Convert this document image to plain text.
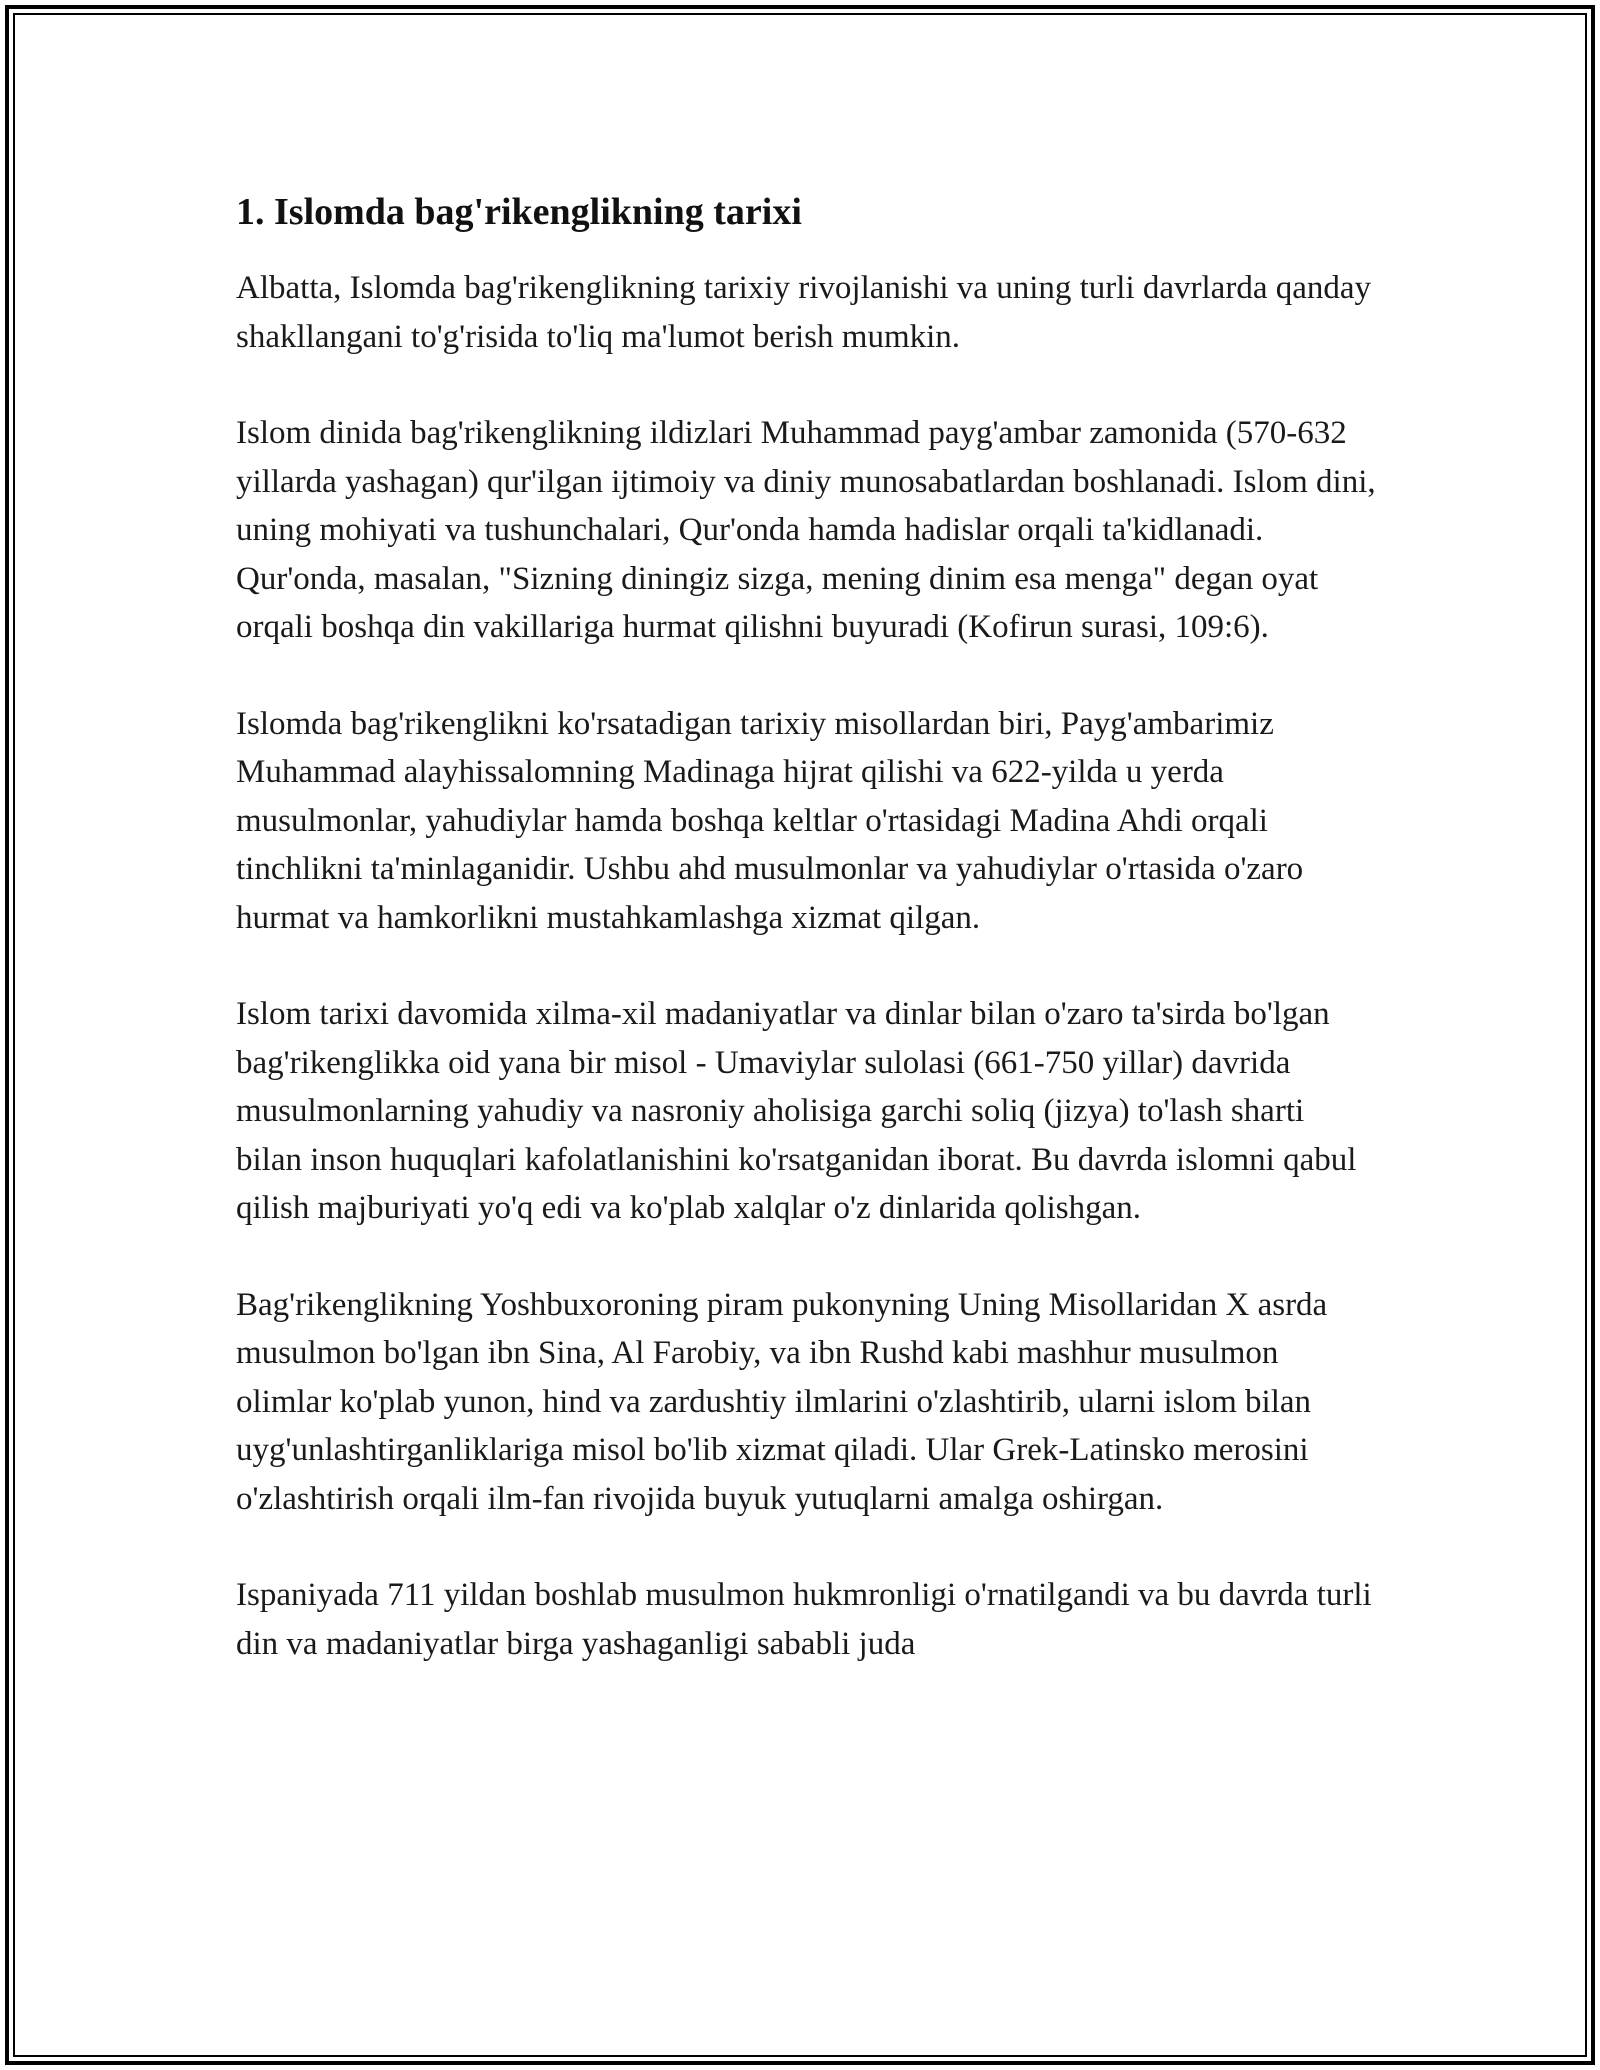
1. Islomda bag'rikenglikning tarixi

Albatta, Islomda bag'rikenglikning tarixiy rivojlanishi va uning turli davrlarda qanday shakllangani to'g'risida to'liq ma'lumot berish mumkin.

Islom dinida bag'rikenglikning ildizlari Muhammad payg'ambar zamonida (570-632 yillarda yashagan) qur'ilgan ijtimoiy va diniy munosabatlardan boshlanadi. Islom dini, uning mohiyati va tushunchalari, Qur'onda hamda hadislar orqali ta'kidlanadi. Qur'onda, masalan, "Sizning diningiz sizga, mening dinim esa menga" degan oyat orqali boshqa din vakillariga hurmat qilishni buyuradi (Kofirun surasi, 109:6).

Islomda bag'rikenglikni ko'rsatadigan tarixiy misollardan biri, Payg'ambarimiz Muhammad alayhissalomning Madinaga hijrat qilishi va 622-yilda u yerda musulmonlar, yahudiylar hamda boshqa keltlar o'rtasidagi Madina Ahdi orqali tinchlikni ta'minlaganidir. Ushbu ahd musulmonlar va yahudiylar o'rtasida o'zaro hurmat va hamkorlikni mustahkamlashga xizmat qilgan.

Islom tarixi davomida xilma-xil madaniyatlar va dinlar bilan o'zaro ta'sirda bo'lgan bag'rikenglikka oid yana bir misol - Umaviylar sulolasi (661-750 yillar) davrida musulmonlarning yahudiy va nasroniy aholisiga garchi soliq (jizya) to'lash sharti bilan inson huquqlari kafolatlanishini ko'rsatganidan iborat. Bu davrda islomni qabul qilish majburiyati yo'q edi va ko'plab xalqlar o'z dinlarida qolishgan.

Bag'rikenglikning Yoshbuxoroning piram pukonyning Uning Misollaridan X asrda musulmon bo'lgan ibn Sina, Al Farobiy, va ibn Rushd kabi mashhur musulmon olimlar ko'plab yunon, hind va zardushtiy ilmlarini o'zlashtirib, ularni islom bilan uyg'unlashtirganliklariga misol bo'lib xizmat qiladi. Ular Grek-Latinsko merosini o'zlashtirish orqali ilm-fan rivojida buyuk yutuqlarni amalga oshirgan.

Ispaniyada 711 yildan boshlab musulmon hukmronligi o'rnatilgandi va bu davrda turli din va madaniyatlar birga yashaganligi sababli juda
